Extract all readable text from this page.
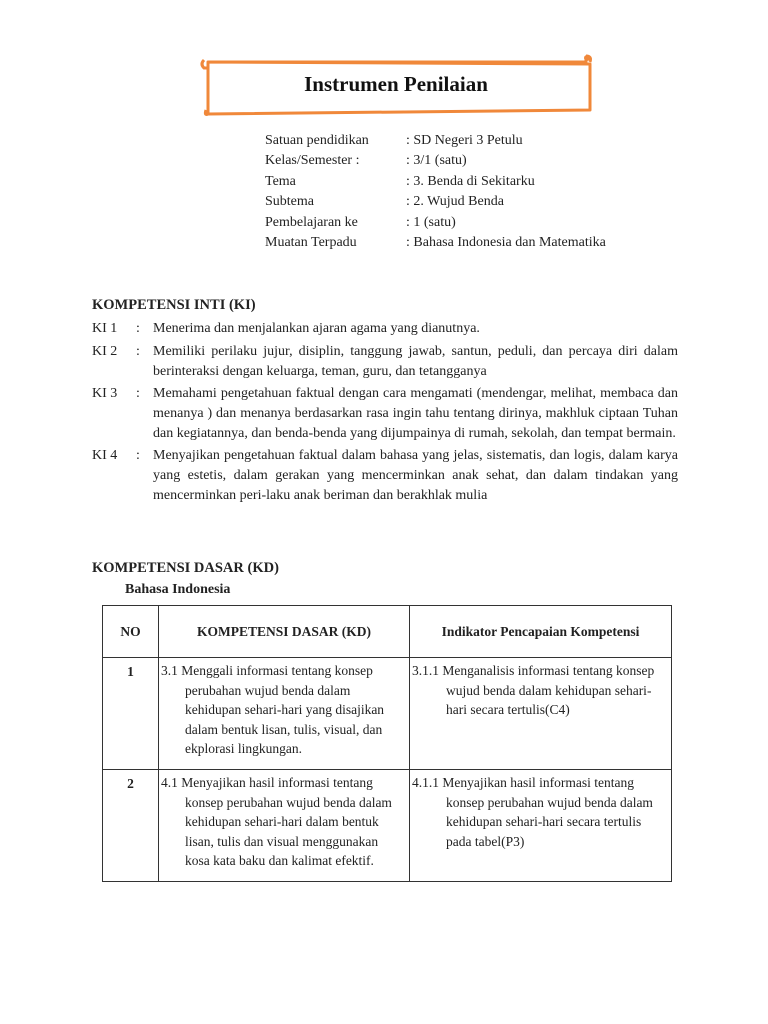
Instrumen Penilaian
Satuan pendidikan	: SD Negeri 3 Petulu
Kelas/Semester :	: 3/1 (satu)
Tema	: 3. Benda di Sekitarku
Subtema	: 2. Wujud Benda
Pembelajaran ke	: 1 (satu)
Muatan Terpadu	: Bahasa Indonesia dan Matematika
KOMPETENSI INTI (KI)
KI 1	: Menerima dan menjalankan ajaran agama yang dianutnya.
KI 2	: Memiliki perilaku jujur, disiplin, tanggung jawab, santun, peduli, dan percaya diri dalam berinteraksi dengan keluarga, teman, guru, dan tetangganya
KI 3	: Memahami pengetahuan faktual dengan cara mengamati (mendengar, melihat, membaca dan menanya ) dan menanya berdasarkan rasa ingin tahu tentang dirinya, makhluk ciptaan Tuhan dan kegiatannya, dan benda-benda yang dijumpainya di rumah, sekolah, dan tempat bermain.
KI 4	: Menyajikan pengetahuan faktual dalam bahasa yang jelas, sistematis, dan logis, dalam karya yang estetis, dalam gerakan yang mencerminkan anak sehat, dan dalam tindakan yang mencerminkan peri-laku anak beriman dan berakhlak mulia
KOMPETENSI DASAR (KD)
Bahasa Indonesia
NO	KOMPETENSI DASAR (KD)	Indikator Pencapaian Kompetensi
1	3.1 Menggali informasi tentang konsep perubahan wujud benda dalam kehidupan sehari-hari yang disajikan dalam bentuk lisan, tulis, visual, dan ekplorasi lingkungan.	3.1.1 Menganalisis informasi tentang konsep wujud benda dalam kehidupan sehari-hari secara tertulis(C4)

2	4.1 Menyajikan hasil informasi tentang konsep perubahan wujud benda dalam kehidupan sehari-hari dalam bentuk lisan, tulis dan visual menggunakan kosa kata baku dan kalimat efektif.	4.1.1 Menyajikan hasil informasi tentang konsep perubahan wujud benda dalam kehidupan sehari-hari secara tertulis pada tabel(P3)
